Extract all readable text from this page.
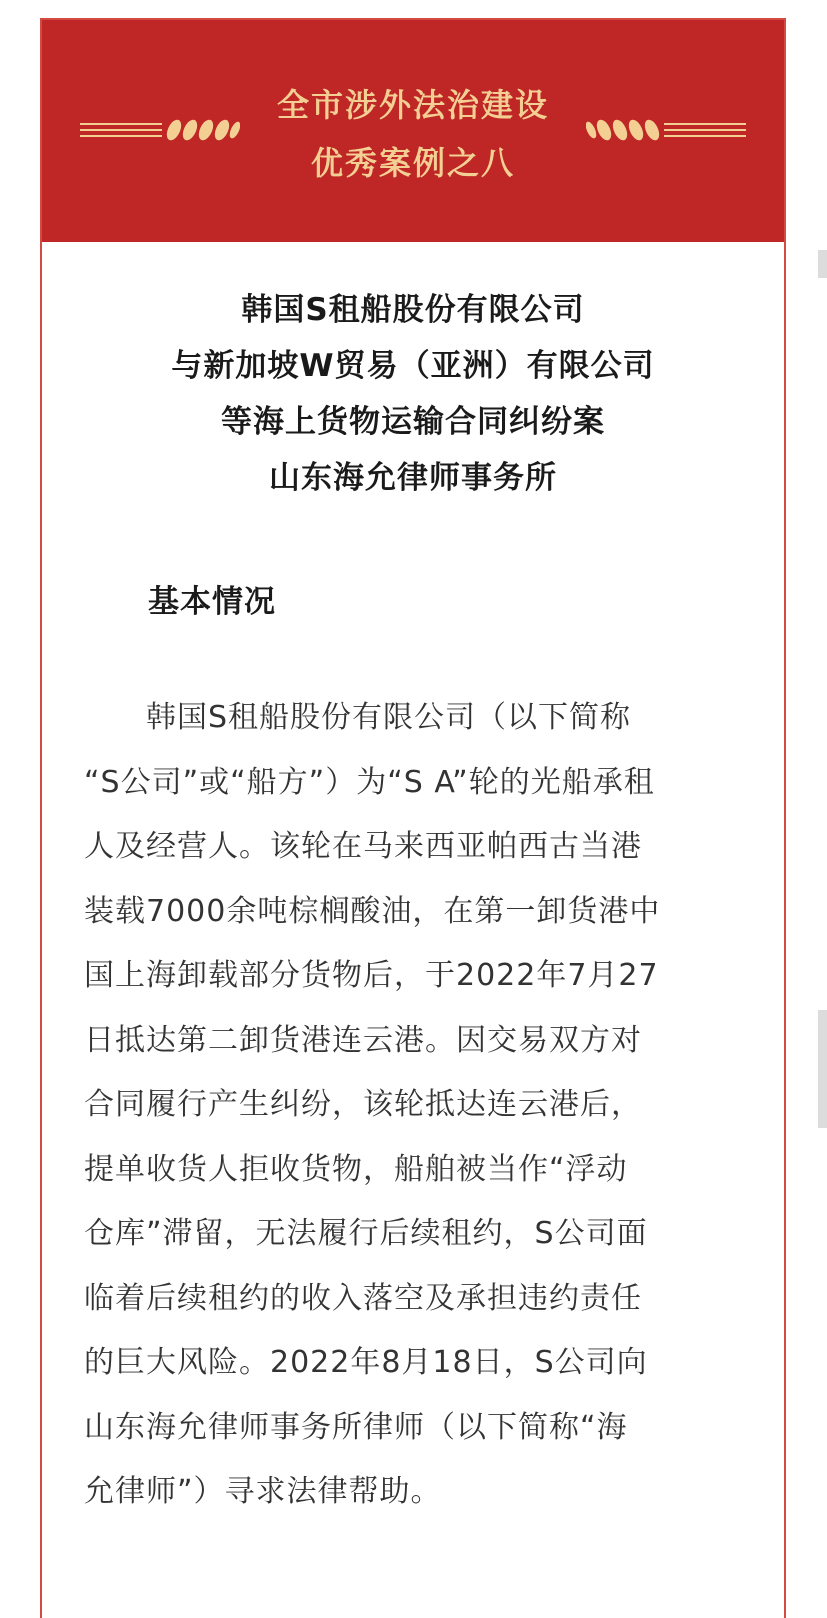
全市涉外法治建设
优秀案例之八
韩国S租船股份有限公司
与新加坡W贸易（亚洲）有限公司
等海上货物运输合同纠纷案
山东海允律师事务所
基本情况
韩国S租船股份有限公司（以下简称
“S公司”或“船方”）为“S A”轮的光船承租
人及经营人。该轮在马来西亚帕西古当港
装载7000余吨棕榈酸油，在第一卸货港中
国上海卸载部分货物后，于2022年7月27
日抵达第二卸货港连云港。因交易双方对
合同履行产生纠纷，该轮抵达连云港后，
提单收货人拒收货物，船舶被当作“浮动
仓库”滞留，无法履行后续租约，S公司面
临着后续租约的收入落空及承担违约责任
的巨大风险。2022年8月18日，S公司向
山东海允律师事务所律师（以下简称“海
允律师”）寻求法律帮助。
